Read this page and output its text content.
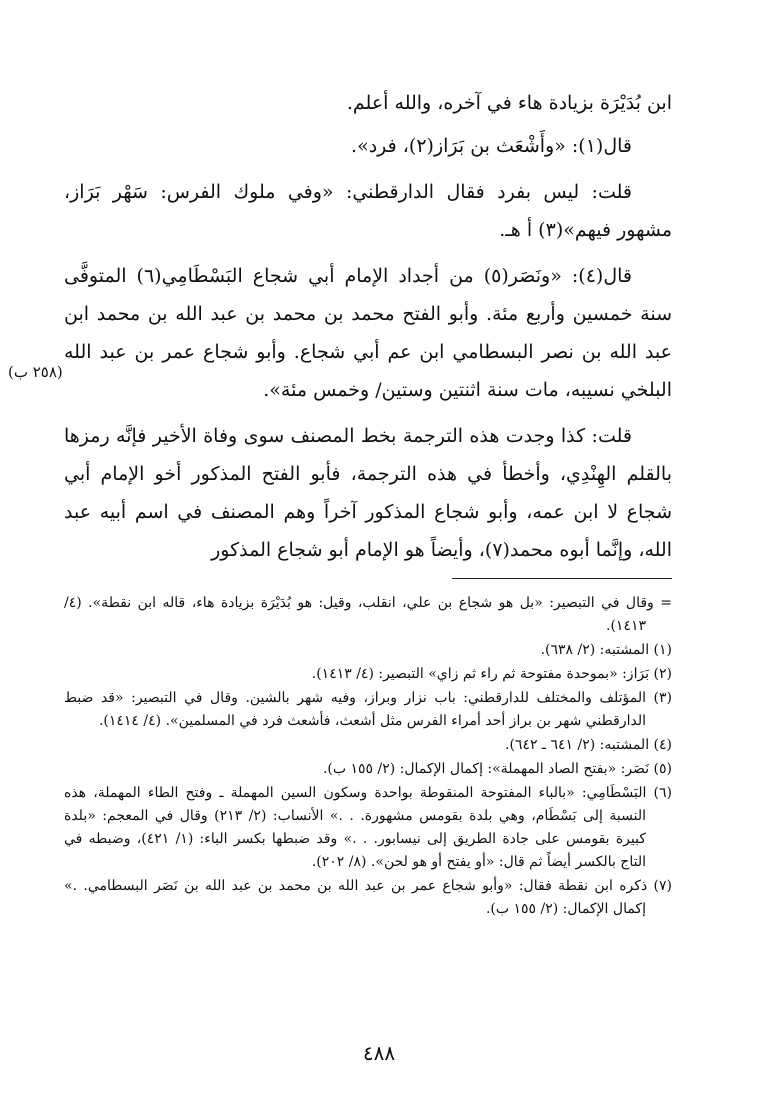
ابن بُدَيْرَة بزيادة هاء في آخره، والله أعلم.

قال(١): «وأَشْعَث بن بَرَاز(٢)، فرد».

قلت: ليس بفرد فقال الدارقطني: «وفي ملوك الفرس: سَهْر بَرَاز، مشهور فيهم»(٣) أ هـ.

قال(٤): «ونَصَر(٥) من أجداد الإمام أبي شجاع البَسْطَامِي(٦) المتوفَّى سنة خمسين وأربع مئة. وأبو الفتح محمد بن محمد بن عبد الله بن محمد ابن عبد الله بن نصر البسطامي ابن عم أبي شجاع. وأبو شجاع عمر بن عبد الله البلخي نسيبه، مات سنة اثنتين وستين/ وخمس مئة».

قلت: كذا وجدت هذه الترجمة بخط المصنف سوى وفاة الأخير فإنَّه رمزها بالقلم الهِنْدِي، وأخطأ في هذه الترجمة، فأبو الفتح المذكور أخو الإمام أبي شجاع لا ابن عمه، وأبو شجاع المذكور آخراً وهم المصنف في اسم أبيه عبد الله، وإنَّما أبوه محمد(٧)، وأيضاً هو الإمام أبو شجاع المذكور

(٢٥٨ ب)

= وقال في التبصير: «بل هو شجاع بن علي، انقلب، وقيل: هو بُدَيْرَة بزيادة هاء، قاله ابن نقطة». (٤/ ١٤١٣).

(١) المشتبه: (٢/ ٦٣٨).

(٢) بَرَاز: «بموحدة مفتوحة ثم راء ثم زاي» التبصير: (٤/ ١٤١٣).

(٣) المؤتلف والمختلف للدارقطني: باب نزار وبراز، وفيه شهر بالشين. وقال في التبصير: «قد ضبط الدارقطني شهر بن براز أحد أمراء الفرس مثل أشعث، فأشعث فرد في المسلمين». (٤/ ١٤١٤).

(٤) المشتبه: (٢/ ٦٤١ ـ ٦٤٢).

(٥) نَصَر: «بفتح الصاد المهملة»: إكمال الإكمال: (٢/ ١٥٥ ب).

(٦) البَسْطَامِي: «بالباء المفتوحة المنقوطة بواحدة وسكون السين المهملة ـ وفتح الطاء المهملة، هذه النسبة إلى بَسْطَام، وهي بلدة بقومس مشهورة. . .» الأنساب: (٢/ ٢١٣) وقال في المعجم: «بلدة كبيرة بقومس على جادة الطريق إلى نيسابور. . .» وقد ضبطها بكسر الباء: (١/ ٤٢١)، وضبطه في التاج بالكسر أيضاً ثم قال: «أو يفتح أو هو لحن». (٨/ ٢٠٢).

(٧) ذكره ابن نقطة فقال: «وأبو شجاع عمر بن عبد الله بن محمد بن عبد الله بن نَصَر البسطامي. .» إكمال الإكمال: (٢/ ١٥٥ ب).

٤٨٨
